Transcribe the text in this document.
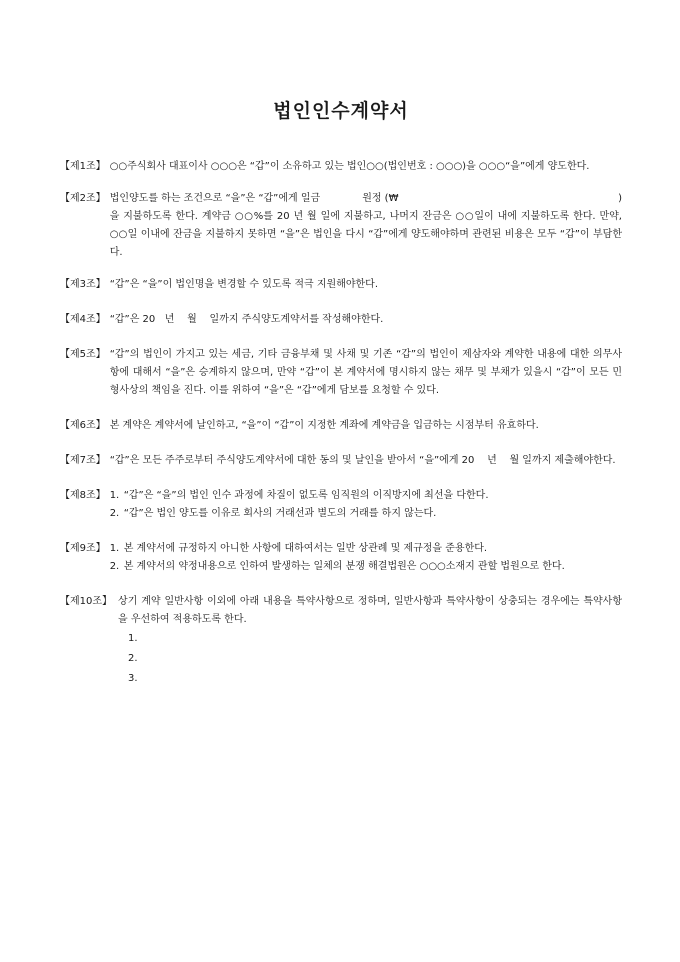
법인인수계약서
【제1조】 ○○주식회사 대표이사 ○○○은 “갑”이 소유하고 있는 법인○○(법인번호 : ○○○)을 ○○○“을”에게 양도한다.
【제2조】 법인양도를 하는 조건으로 “을”은 “갑”에게 일금	원정 (₩	)
을 지불하도록 한다. 계약금 ○○%를 20 년 월 일에 지불하고, 나머지 잔금은 ○○일이 내에 지불하도록 한다. 만약, ○○일 이내에 잔금을 지불하지 못하면 “을”은 법인을 다시 “갑”에게 양도해야하며 관련된 비용은 모두 “갑”이 부담한다.
【제3조】 “갑”은 “을”이 법인명을 변경할 수 있도록 적극 지원해야한다.
【제4조】 “갑”은 20   년    월    일까지 주식양도계약서를 작성해야한다.
【제5조】 “갑”의 법인이 가지고 있는 세금, 기타 금융부채 및 사채 및 기존 “갑”의 법인이 제삼자와 계약한 내용에 대한 의무사항에 대해서 “을”은 승계하지 않으며, 만약 “갑”이 본 계약서에 명시하지 않는 채무 및 부채가 있을시 “갑”이 모든 민형사상의 책임을 진다. 이를 위하여 “을”은 “갑”에게 담보를 요청할 수 있다.
【제6조】 본 계약은 계약서에 날인하고, “을”이 “갑”이 지정한 계좌에 계약금을 입금하는 시점부터 유효하다.
【제7조】 “갑”은 모든 주주로부터 주식양도계약서에 대한 동의 및 날인을 받아서 “을”에게 20    년    월 일까지 제출해야한다.
【제8조】 1. “갑”은 “을”의 법인 인수 과정에 차질이 없도록 임직원의 이직방지에 최선을 다한다.
2. “갑”은 법인 양도를 이유로 회사의 거래선과 별도의 거래를 하지 않는다.
【제9조】 1. 본 계약서에 규정하지 아니한 사항에 대하여서는 일반 상관례 및 제규정을 준용한다.
2. 본 계약서의 약정내용으로 인하여 발생하는 일체의 분쟁 해결법원은 ○○○소재지 관할 법원으로 한다.
【제10조】 상기 계약 일반사항 이외에 아래 내용을 특약사항으로 정하며, 일반사항과 특약사항이 상충되는 경우에는 특약사항을 우선하여 적용하도록 한다.
1.
2.
3.
